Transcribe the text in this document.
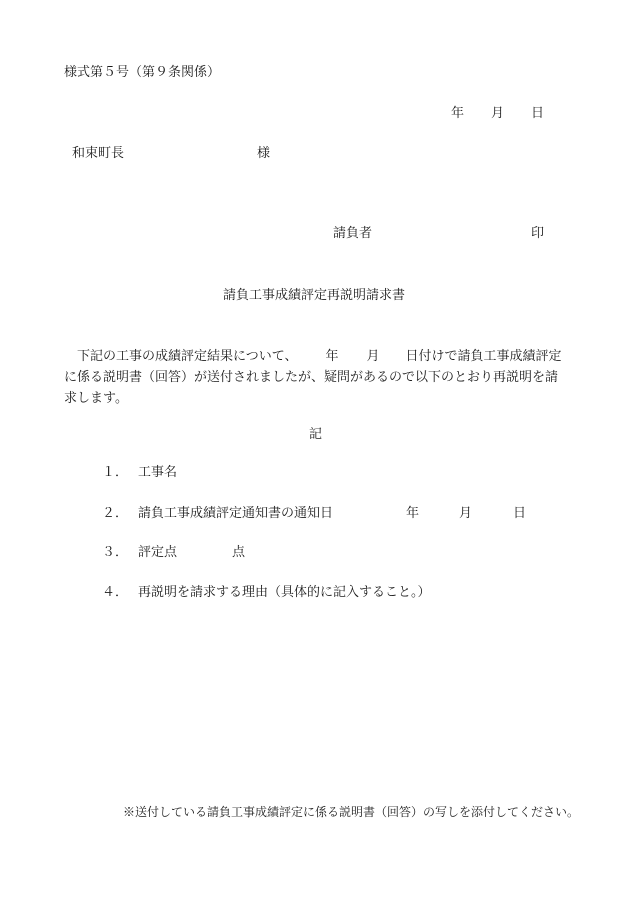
様式第５号（第９条関係）
年 月 日
和束町長	様
請負者	印
請負工事成績評定再説明請求書
下記の工事の成績評定結果について、 年 月 日付けで請負工事成績評定
に係る説明書（回答）が送付されましたが、疑問があるので以下のとおり再説明を請
求します。
記
１． 工事名
２． 請負工事成績評定通知書の通知日	年	月	日
３． 評定点	点
４． 再説明を請求する理由（具体的に記入すること。）
※送付している請負工事成績評定に係る説明書（回答）の写しを添付してください。
